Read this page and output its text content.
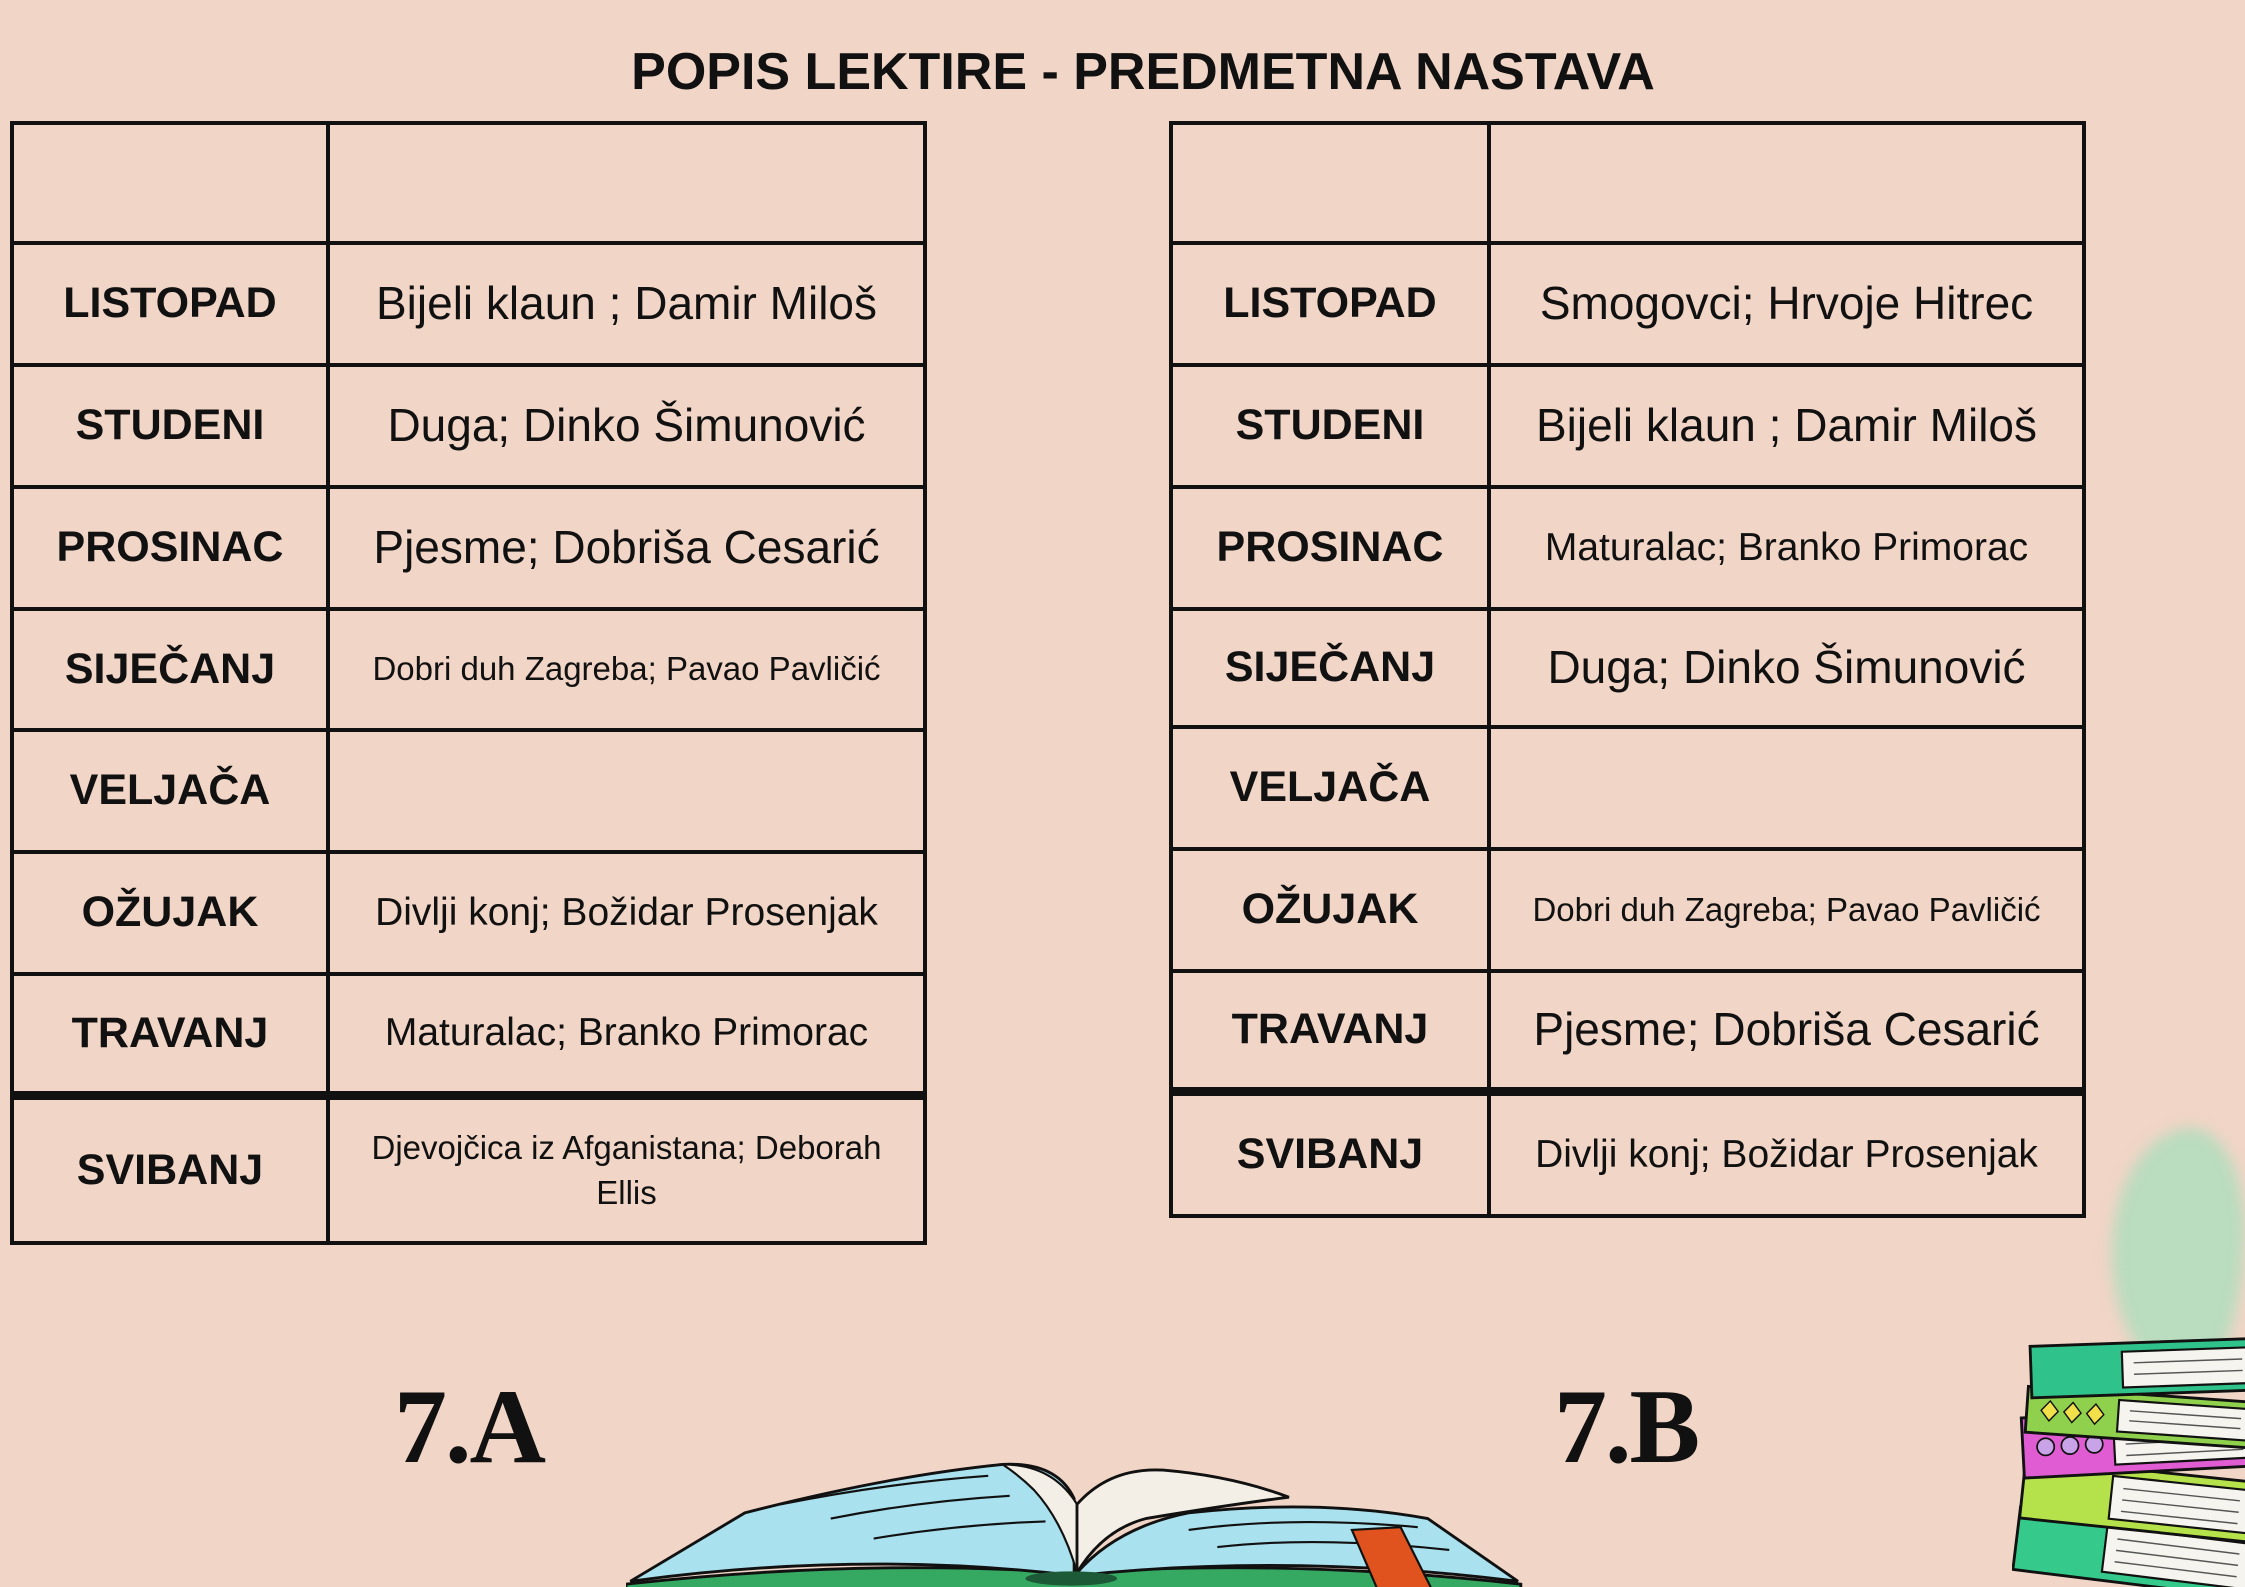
POPIS LEKTIRE - PREDMETNA NASTAVA
LISTOPAD	Bijeli klaun ; Damir Miloš
STUDENI	Duga; Dinko Šimunović
PROSINAC	Pjesme; Dobriša Cesarić
SIJEČANJ	Dobri duh Zagreba; Pavao Pavličić
VELJAČA
OŽUJAK	Divlji konj; Božidar Prosenjak
TRAVANJ	Maturalac; Branko Primorac
SVIBANJ	Djevojčica iz Afganistana; Deborah Ellis
LISTOPAD	Smogovci; Hrvoje Hitrec
STUDENI	Bijeli klaun ; Damir Miloš
PROSINAC	Maturalac; Branko Primorac
SIJEČANJ	Duga; Dinko Šimunović
VELJAČA
OŽUJAK	Dobri duh Zagreba; Pavao Pavličić
TRAVANJ	Pjesme; Dobriša Cesarić
SVIBANJ	Divlji konj; Božidar Prosenjak
7.A	7.B
